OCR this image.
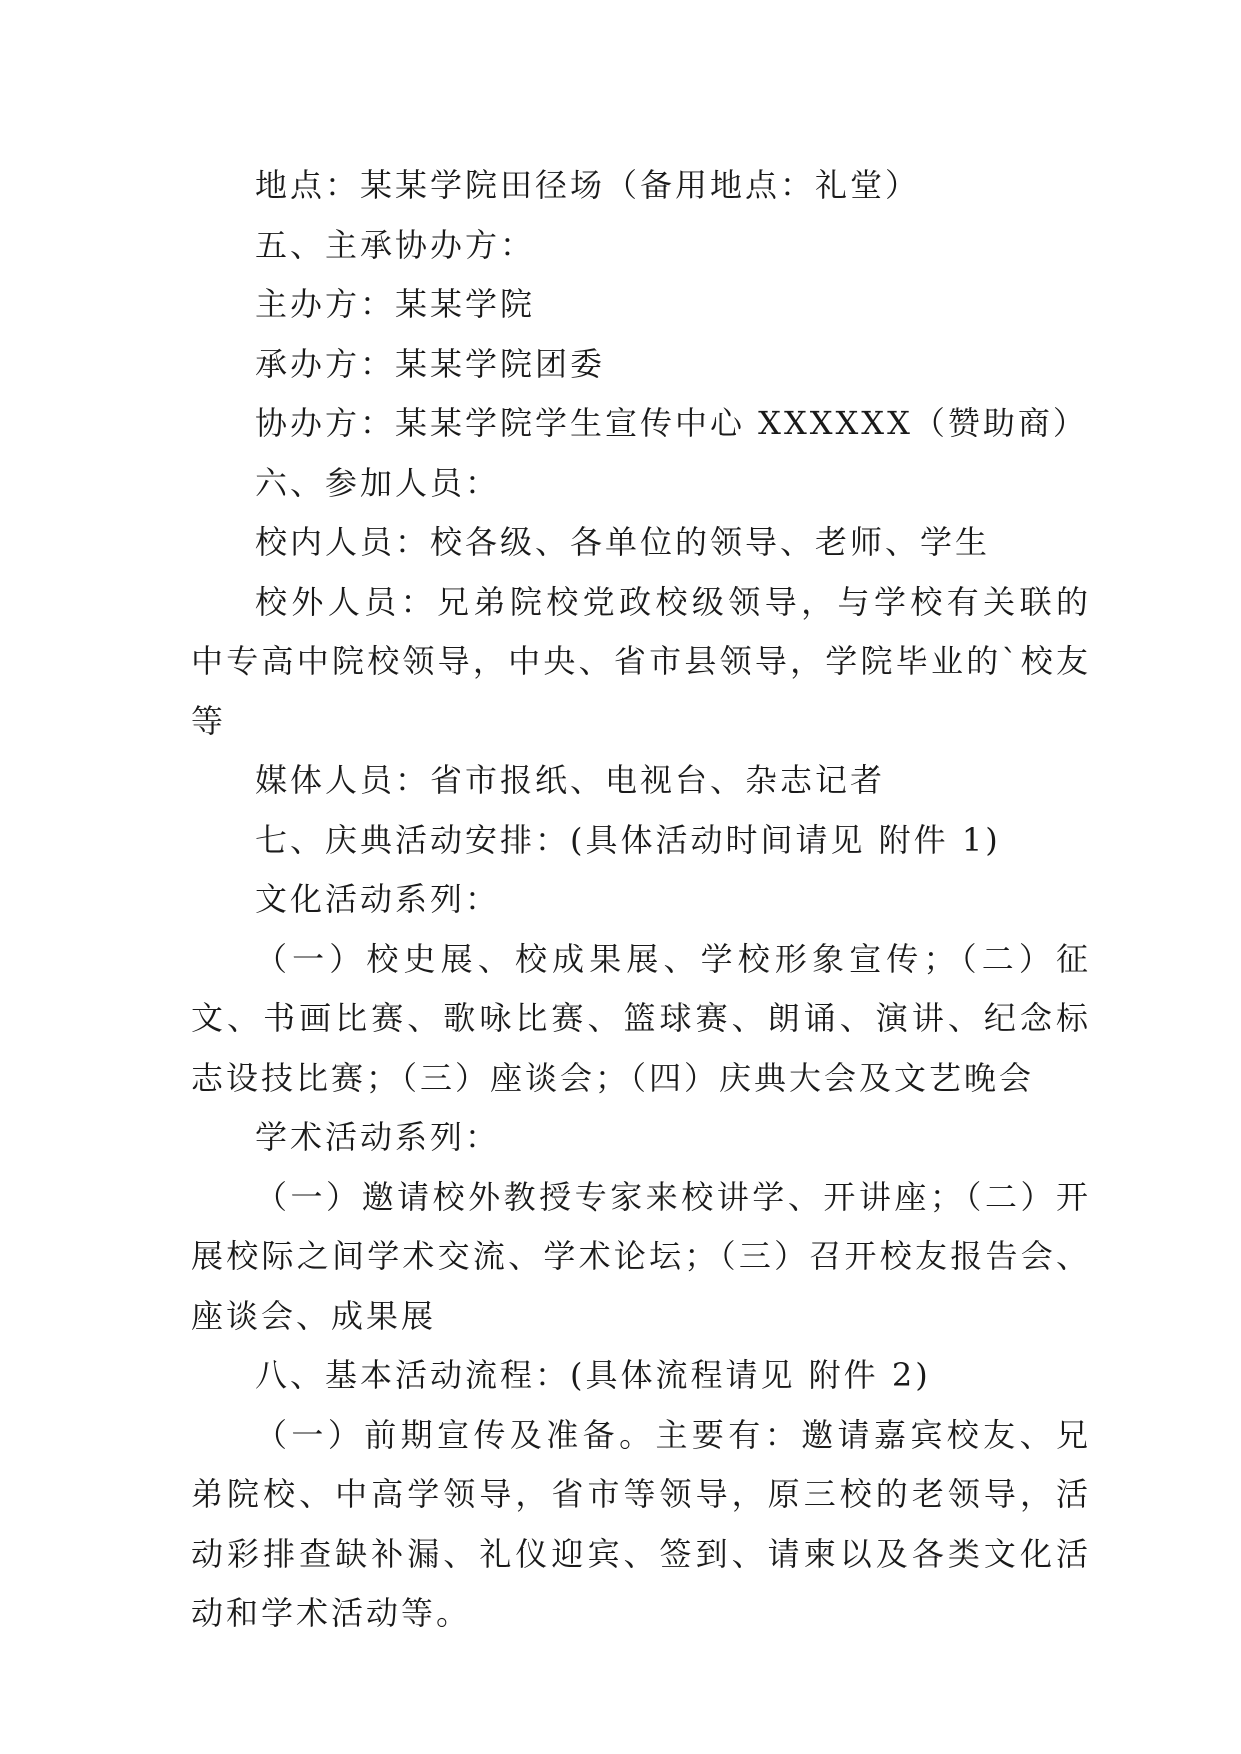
地点：某某学院田径场（备用地点：礼堂）

五、主承协办方：

主办方：某某学院

承办方：某某学院团委

协办方：某某学院学生宣传中心 XXXXXX（赞助商）

六、参加人员：

校内人员：校各级、各单位的领导、老师、学生

校外人员：兄弟院校党政校级领导，与学校有关联的中专高中院校领导，中央、省市县领导，学院毕业的`校友等

媒体人员：省市报纸、电视台、杂志记者

七、庆典活动安排：(具体活动时间请见 附件 1)

文化活动系列：

（一）校史展、校成果展、学校形象宣传；（二）征文、书画比赛、歌咏比赛、篮球赛、朗诵、演讲、纪念标志设技比赛；（三）座谈会；（四）庆典大会及文艺晚会

学术活动系列：

（一）邀请校外教授专家来校讲学、开讲座；（二）开展校际之间学术交流、学术论坛；（三）召开校友报告会、座谈会、成果展

八、基本活动流程：(具体流程请见 附件 2)

（一）前期宣传及准备。主要有：邀请嘉宾校友、兄弟院校、中高学领导，省市等领导，原三校的老领导，活动彩排查缺补漏、礼仪迎宾、签到、请柬以及各类文化活动和学术活动等。
